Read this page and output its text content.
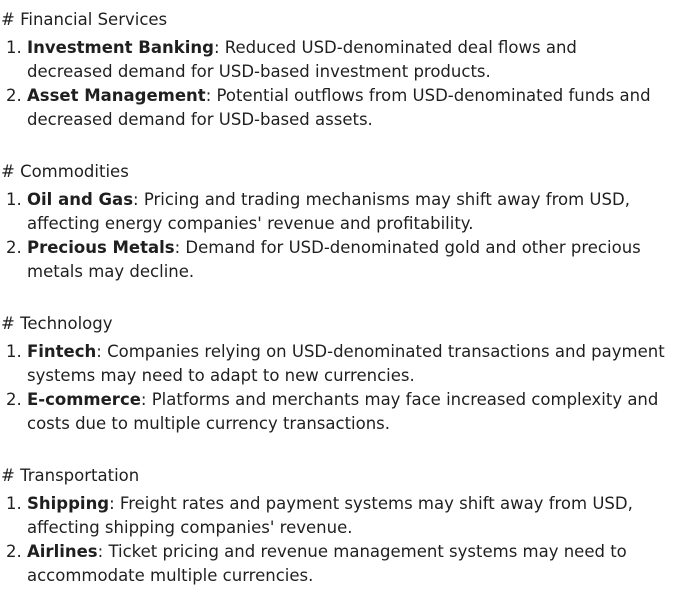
# Financial Services
1. Investment Banking: Reduced USD-denominated deal flows and decreased demand for USD-based investment products.
2. Asset Management: Potential outflows from USD-denominated funds and decreased demand for USD-based assets.
# Commodities
1. Oil and Gas: Pricing and trading mechanisms may shift away from USD, affecting energy companies' revenue and profitability.
2. Precious Metals: Demand for USD-denominated gold and other precious metals may decline.
# Technology
1. Fintech: Companies relying on USD-denominated transactions and payment systems may need to adapt to new currencies.
2. E-commerce: Platforms and merchants may face increased complexity and costs due to multiple currency transactions.
# Transportation
1. Shipping: Freight rates and payment systems may shift away from USD, affecting shipping companies' revenue.
2. Airlines: Ticket pricing and revenue management systems may need to accommodate multiple currencies.
